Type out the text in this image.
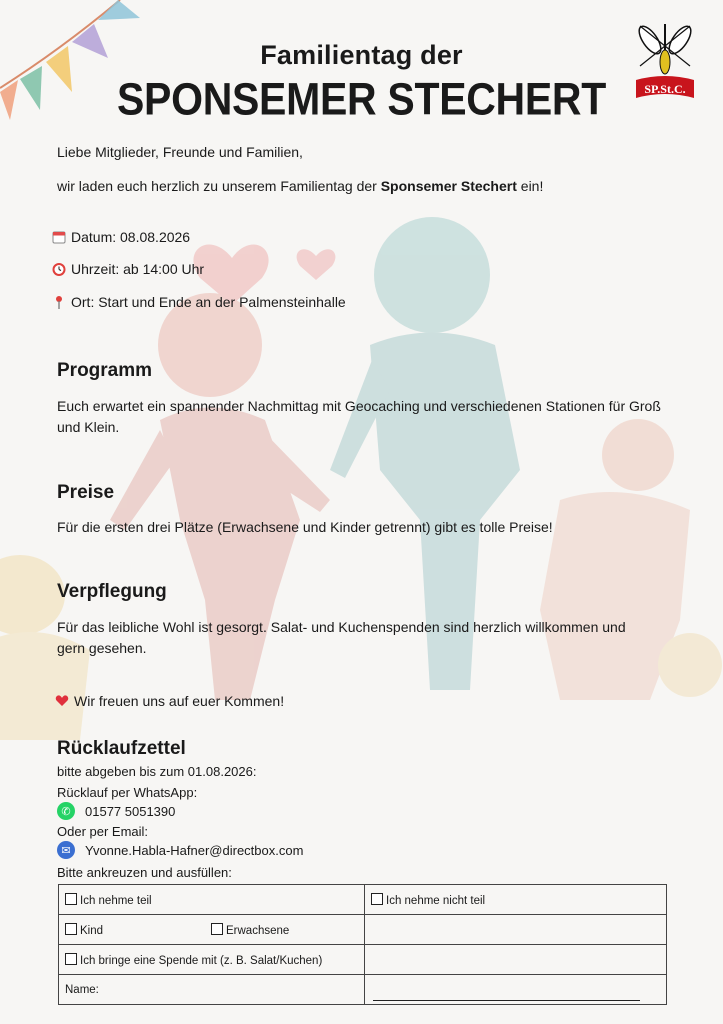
Familientag der
SPONSEMER STECHERT	SP.St.C.
Liebe Mitglieder, Freunde und Familien,
wir laden euch herzlich zu unserem Familientag der Sponsemer Stechert ein!
Datum: 08.08.2026
Uhrzeit: ab 14:00 Uhr
Ort: Start und Ende an der Palmensteinhalle
Programm
Euch erwartet ein spannender Nachmittag mit Geocaching und verschiedenen Stationen für Groß und Klein.
Preise
Für die ersten drei Plätze (Erwachsene und Kinder getrennt) gibt es tolle Preise!
Verpflegung
Für das leibliche Wohl ist gesorgt. Salat- und Kuchenspenden sind herzlich willkommen und gern gesehen.
Wir freuen uns auf euer Kommen!
Rücklaufzettel
bitte abgeben bis zum 01.08.2026:
Rücklauf per WhatsApp:
✆	01577 5051390
Oder per Email:
✉	Yvonne.Habla-Hafner@directbox.com
Bitte ankreuzen und ausfüllen:
Ich nehme teil	Ich nehme nicht teil
Kind Erwachsene	
Ich bringe eine Spende mit (z. B. Salat/Kuchen)	
Name:	
